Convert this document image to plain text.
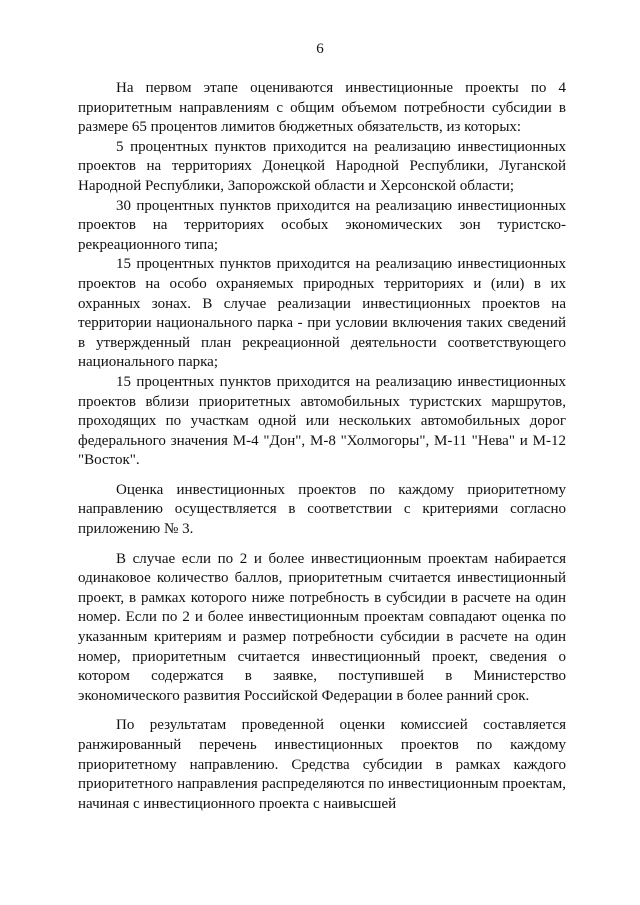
6

На первом этапе оцениваются инвестиционные проекты по 4 приоритетным направлениям с общим объемом потребности субсидии в размере 65 процентов лимитов бюджетных обязательств, из которых:

5 процентных пунктов приходится на реализацию инвестиционных проектов на территориях Донецкой Народной Республики, Луганской Народной Республики, Запорожской области и Херсонской области;

30 процентных пунктов приходится на реализацию инвестиционных проектов на территориях особых экономических зон туристско-рекреационного типа;

15 процентных пунктов приходится на реализацию инвестиционных проектов на особо охраняемых природных территориях и (или) в их охранных зонах. В случае реализации инвестиционных проектов на территории национального парка - при условии включения таких сведений в утвержденный план рекреационной деятельности соответствующего национального парка;

15 процентных пунктов приходится на реализацию инвестиционных проектов вблизи приоритетных автомобильных туристских маршрутов, проходящих по участкам одной или нескольких автомобильных дорог федерального значения М-4 "Дон", М-8 "Холмогоры", М-11 "Нева" и М-12 "Восток".

Оценка инвестиционных проектов по каждому приоритетному направлению осуществляется в соответствии с критериями согласно приложению № 3.

В случае если по 2 и более инвестиционным проектам набирается одинаковое количество баллов, приоритетным считается инвестиционный проект, в рамках которого ниже потребность в субсидии в расчете на один номер. Если по 2 и более инвестиционным проектам совпадают оценка по указанным критериям и размер потребности субсидии в расчете на один номер, приоритетным считается инвестиционный проект, сведения о котором содержатся в заявке, поступившей в Министерство экономического развития Российской Федерации в более ранний срок.

По результатам проведенной оценки комиссией составляется ранжированный перечень инвестиционных проектов по каждому приоритетному направлению. Средства субсидии в рамках каждого приоритетного направления распределяются по инвестиционным проектам, начиная с инвестиционного проекта с наивысшей
